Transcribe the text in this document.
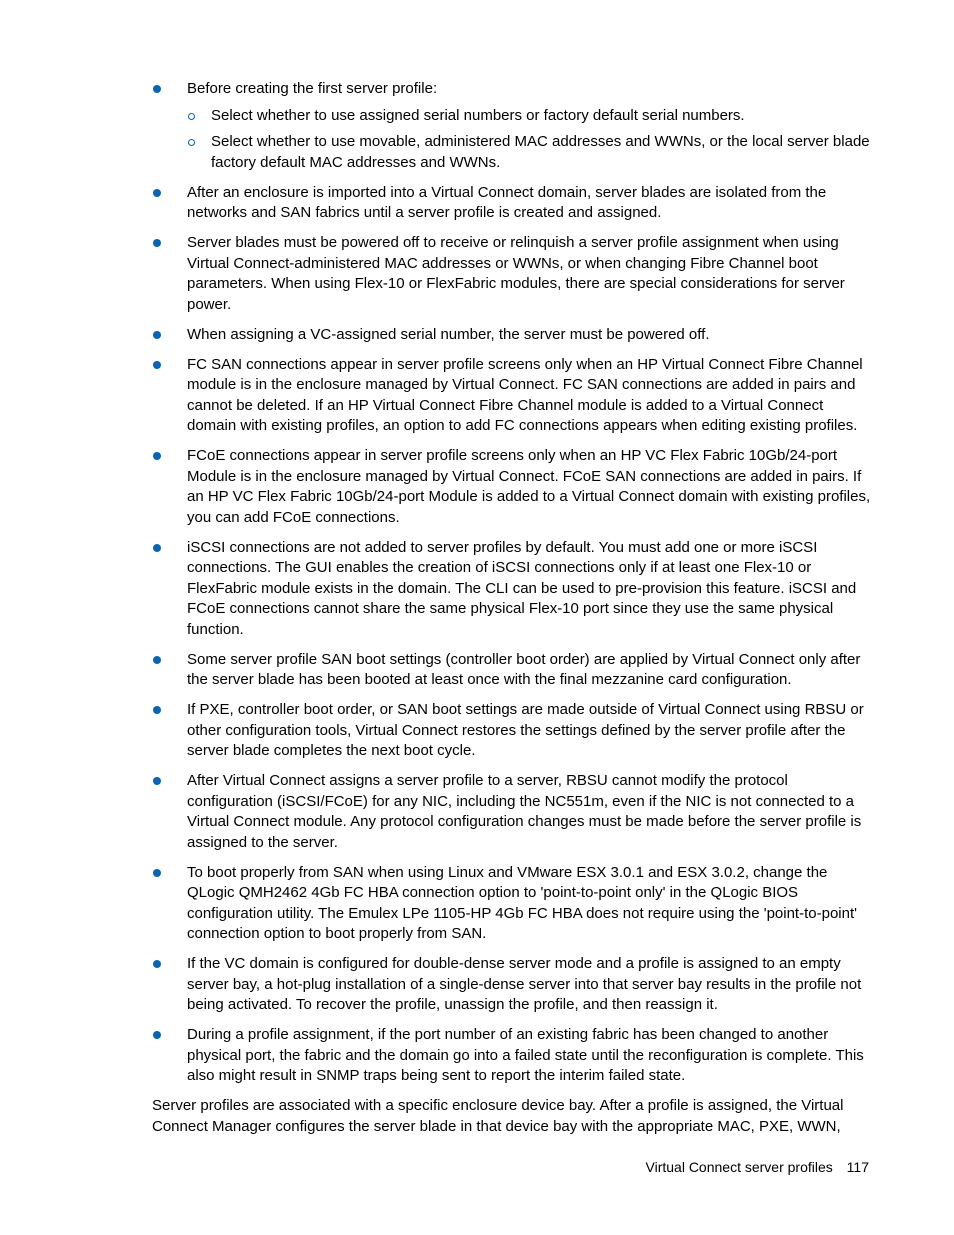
Before creating the first server profile:
Select whether to use assigned serial numbers or factory default serial numbers.
Select whether to use movable, administered MAC addresses and WWNs, or the local server blade factory default MAC addresses and WWNs.
After an enclosure is imported into a Virtual Connect domain, server blades are isolated from the networks and SAN fabrics until a server profile is created and assigned.
Server blades must be powered off to receive or relinquish a server profile assignment when using Virtual Connect-administered MAC addresses or WWNs, or when changing Fibre Channel boot parameters. When using Flex-10 or FlexFabric modules, there are special considerations for server power.
When assigning a VC-assigned serial number, the server must be powered off.
FC SAN connections appear in server profile screens only when an HP Virtual Connect Fibre Channel module is in the enclosure managed by Virtual Connect. FC SAN connections are added in pairs and cannot be deleted. If an HP Virtual Connect Fibre Channel module is added to a Virtual Connect domain with existing profiles, an option to add FC connections appears when editing existing profiles.
FCoE connections appear in server profile screens only when an HP VC Flex Fabric 10Gb/24-port Module is in the enclosure managed by Virtual Connect. FCoE SAN connections are added in pairs. If an HP VC Flex Fabric 10Gb/24-port Module is added to a Virtual Connect domain with existing profiles, you can add FCoE connections.
iSCSI connections are not added to server profiles by default. You must add one or more iSCSI connections. The GUI enables the creation of iSCSI connections only if at least one Flex-10 or FlexFabric module exists in the domain. The CLI can be used to pre-provision this feature. iSCSI and FCoE connections cannot share the same physical Flex-10 port since they use the same physical function.
Some server profile SAN boot settings (controller boot order) are applied by Virtual Connect only after the server blade has been booted at least once with the final mezzanine card configuration.
If PXE, controller boot order, or SAN boot settings are made outside of Virtual Connect using RBSU or other configuration tools, Virtual Connect restores the settings defined by the server profile after the server blade completes the next boot cycle.
After Virtual Connect assigns a server profile to a server, RBSU cannot modify the protocol configuration (iSCSI/FCoE) for any NIC, including the NC551m, even if the NIC is not connected to a Virtual Connect module. Any protocol configuration changes must be made before the server profile is assigned to the server.
To boot properly from SAN when using Linux and VMware ESX 3.0.1 and ESX 3.0.2, change the QLogic QMH2462 4Gb FC HBA connection option to 'point-to-point only' in the QLogic BIOS configuration utility. The Emulex LPe 1105-HP 4Gb FC HBA does not require using the 'point-to-point' connection option to boot properly from SAN.
If the VC domain is configured for double-dense server mode and a profile is assigned to an empty server bay, a hot-plug installation of a single-dense server into that server bay results in the profile not being activated. To recover the profile, unassign the profile, and then reassign it.
During a profile assignment, if the port number of an existing fabric has been changed to another physical port, the fabric and the domain go into a failed state until the reconfiguration is complete. This also might result in SNMP traps being sent to report the interim failed state.

Server profiles are associated with a specific enclosure device bay. After a profile is assigned, the Virtual Connect Manager configures the server blade in that device bay with the appropriate MAC, PXE, WWN,

Virtual Connect server profiles 117
